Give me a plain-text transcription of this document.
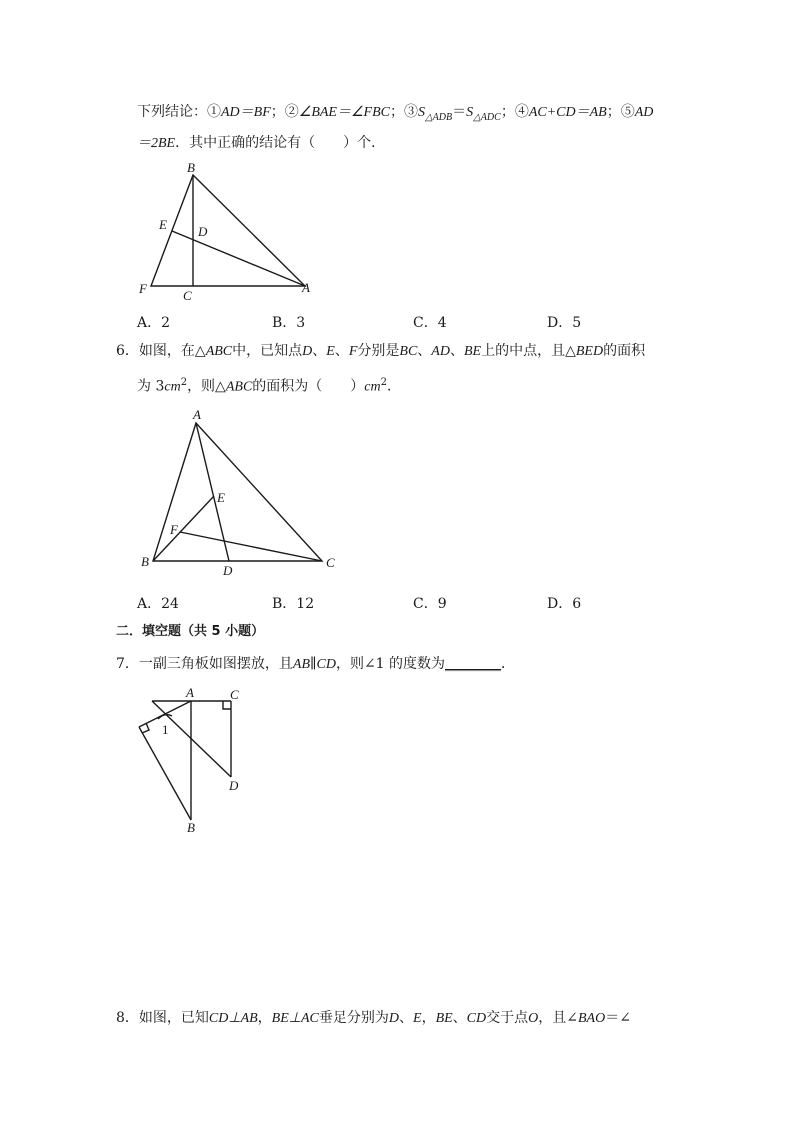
下列结论：①AD＝BF；②∠BAE＝∠FBC；$③S_{\triangle ADB}=S_{\triangle ADC}$；④AC+CD＝AB；⑤AD
＝2BE．其中正确的结论有（　　）个．
B
E D
F	C
A
A．2	B．3	C．4	D．5
6．如图，在△ABC中，已知点D、E、F分别是BC、AD、BE上的中点，且△BED的面积
为 $3cm^2$，则△ABC的面积为（　　）$cm^2$．
A
E
F
B
D
C
A．24	B．12	C．9	D．6
二．填空题（共 5 小题）
7．一副三角板如图摆放，且AB∥CD，则∠1 的度数为________．
A	C
1
D
B
8．如图，已知CD⊥AB，BE⊥AC垂足分别为D、E，BE、CD交于点O，且∠BAO＝∠
